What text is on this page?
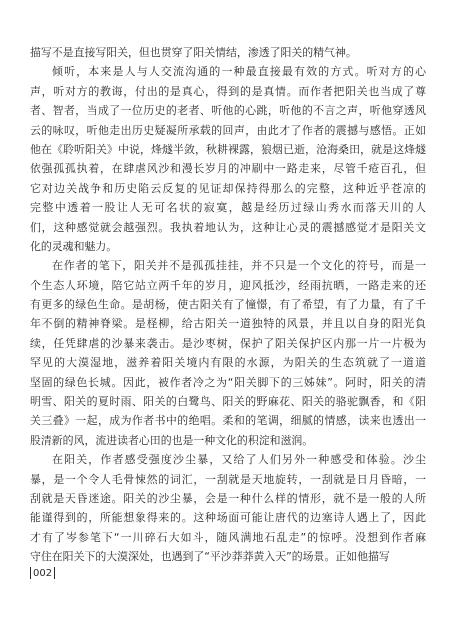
描写不是直接写阳关，但也贯穿了阳关情结，渗透了阳关的精气神。
倾听，本来是人与人交流沟通的一种最直接最有效的方式。听对方的心
声，听对方的教诲，付出的是真心，得到的是真情。而作者把阳关也当成了尊
者、智者，当成了一位历史的老者、听他的心跳，听他的不言之声，听他穿透风
云的咏叹，听他走出历史疑凝所承载的回声，由此才了作者的震撼与感悟。正如
他在《聆听阳关》中说，烽燧半敛，秋耕裸露，狼烟已逝，沧海桑田，就是这烽燧
依强孤孤执着，在肆虐风沙和漫长岁月的冲刷中一路走来，尽管千疮百孔，但
它对边关战争和历史陷云反复的见证却保持得那么的完整，这种近乎苍凉的
完整中透着一股让人无可名状的寂寞，越是经历过绿山秀水而落天川的人
们，这种感觉就会越强烈。我执着地认为，这种让心灵的震撼感觉才是阳关文
化的灵魂和魅力。
在作者的笔下，阳关并不是孤孤挂挂，并不只是一个文化的符号，而是一
个生态人环境，陪它站立两千年的岁月，迎风抵沙，经雨抗晒，一路走来的还
有更多的绿色生命。是胡杨，使古阳关有了憧憬，有了希望，有了力量，有了千
年不倒的精神脊梁。是柽柳，给古阳关一道独特的风景，并且以自身的阳光負
续，任凭肆虐的沙暴来袭击。是沙枣树，保护了阳关保护区内那一片一片极为
罕见的大漠湿地，滋养着阳关境内有限的水源，为阳关的生态筑就了一道道
坚固的绿色长城。因此，被作者冷之为“阳关脚下的三姊妹”。阿时，阳关的清
明雪、阳关的夏时雨、阳关的白鹭鸟、阳关的野麻花、阳关的骆驼飘香，和《阳
关三叠》一起，成为作者书中的绝唱。柔和的笔调，细腻的情感，读来也透出一
股清新的风，流进读者心田的也是一种文化的积淀和滋润。
在阳关，作者感受强度沙尘暴，又给了人们另外一种感受和体验。沙尘
暴，是一个令人毛骨悚然的词汇，一刮就是天地旋转，一刮就是日月昏暗，一
刮就是天昏迷途。阳关的沙尘暴，会是一种什么样的情形，就不是一般的人所
能谨得到的，所能想象得来的。这种场面可能让唐代的边塞诗人遇上了，因此
才有了岑参笔下“一川碎石大如斗，随风满地石乱走”的惊呼。没想到作者麻
守住在阳关下的大漠深处，也遇到了“平沙莽莽黄入天”的场景。正如他描写
002
